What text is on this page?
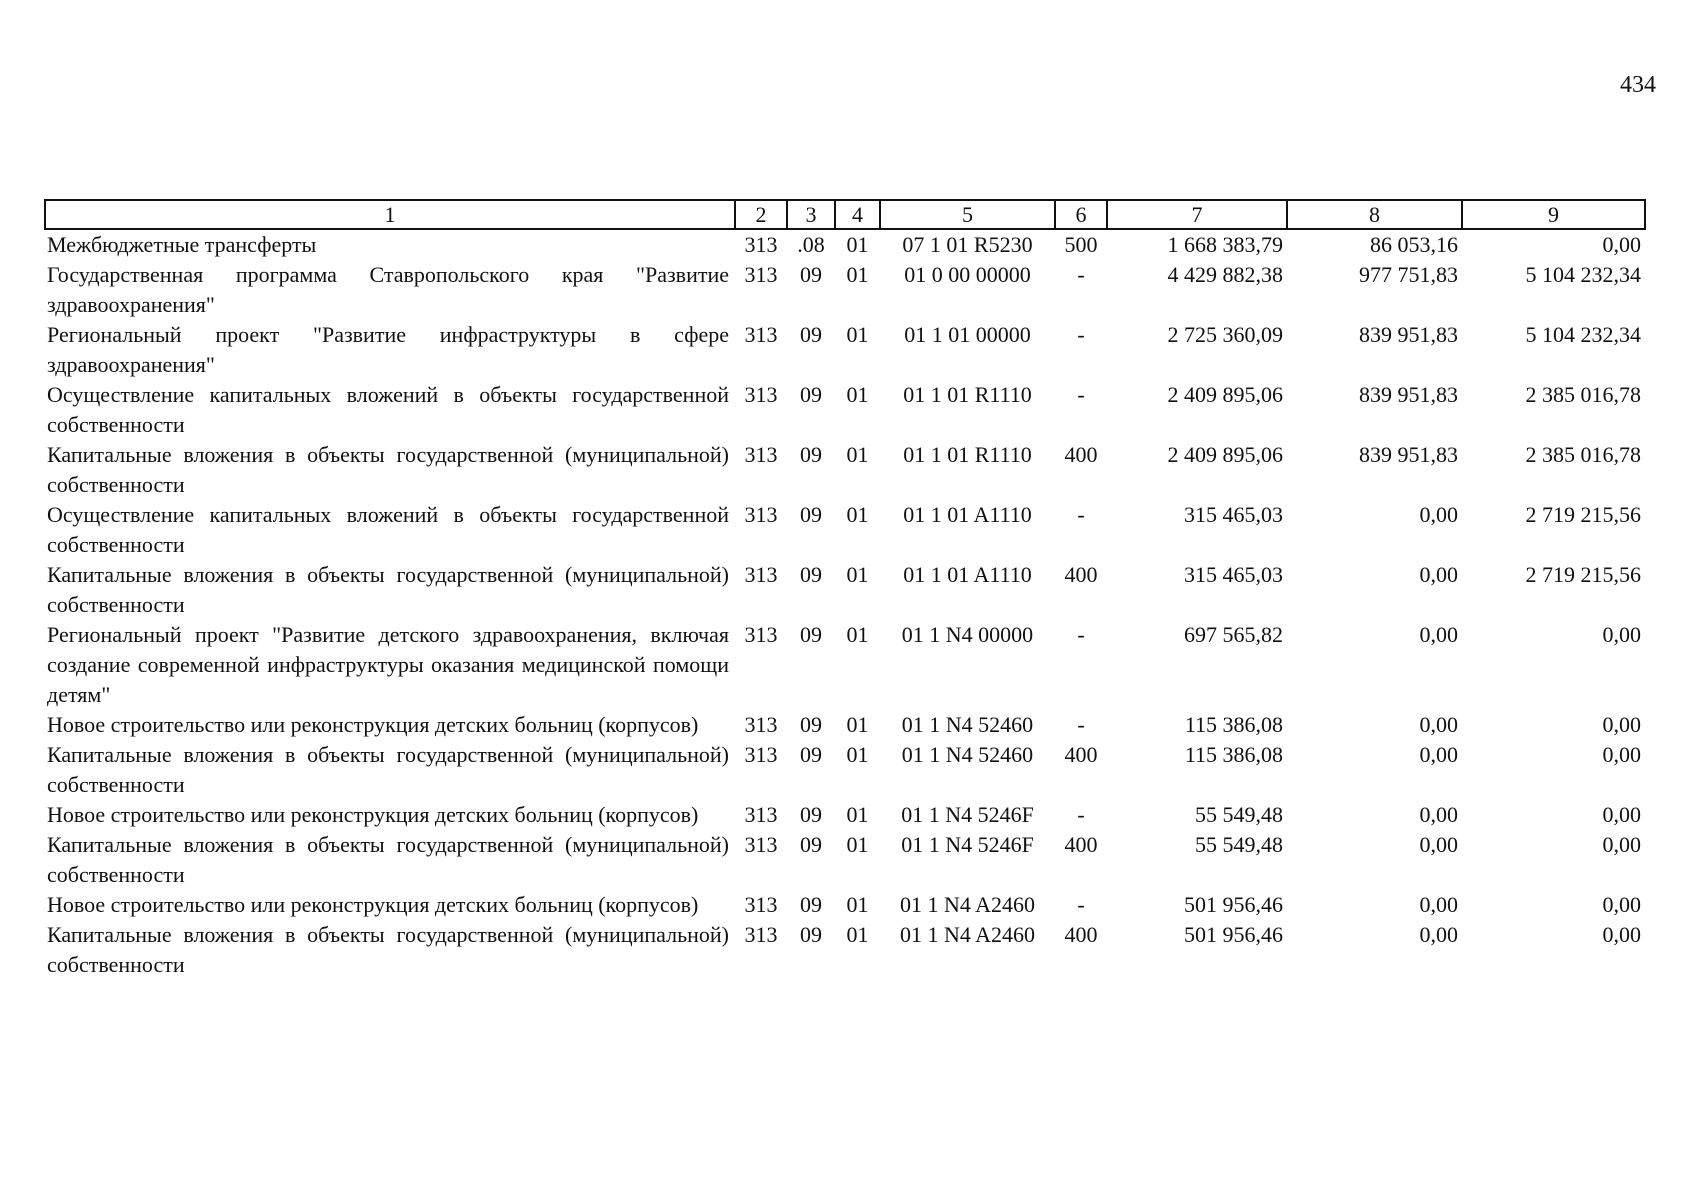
434
1	2	3	4	5	6	7	8	9
Межбюджетные трансферты	313	.08	01	07 1 01 R5230	500	1 668 383,79	86 053,16	0,00
Государственная программа Ставропольского края "Развитие здравоохранения"	313	09	01	01 0 00 00000	-	4 429 882,38	977 751,83	5 104 232,34
Региональный проект "Развитие инфраструктуры в сфере здравоохранения"	313	09	01	01 1 01 00000	-	2 725 360,09	839 951,83	5 104 232,34
Осуществление капитальных вложений в объекты государственной собственности	313	09	01	01 1 01 R1110	-	2 409 895,06	839 951,83	2 385 016,78
Капитальные вложения в объекты государственной (муниципальной) собственности	313	09	01	01 1 01 R1110	400	2 409 895,06	839 951,83	2 385 016,78
Осуществление капитальных вложений в объекты государственной собственности	313	09	01	01 1 01 A1110	-	315 465,03	0,00	2 719 215,56
Капитальные вложения в объекты государственной (муниципальной) собственности	313	09	01	01 1 01 A1110	400	315 465,03	0,00	2 719 215,56
Региональный проект "Развитие детского здравоохранения, включая создание современной инфраструктуры оказания медицинской помощи детям"	313	09	01	01 1 N4 00000	-	697 565,82	0,00	0,00
Новое строительство или реконструкция детских больниц (корпусов)	313	09	01	01 1 N4 52460	-	115 386,08	0,00	0,00
Капитальные вложения в объекты государственной (муниципальной) собственности	313	09	01	01 1 N4 52460	400	115 386,08	0,00	0,00
Новое строительство или реконструкция детских больниц (корпусов)	313	09	01	01 1 N4 5246F	-	55 549,48	0,00	0,00
Капитальные вложения в объекты государственной (муниципальной) собственности	313	09	01	01 1 N4 5246F	400	55 549,48	0,00	0,00
Новое строительство или реконструкция детских больниц (корпусов)	313	09	01	01 1 N4 A2460	-	501 956,46	0,00	0,00
Капитальные вложения в объекты государственной (муниципальной) собственности	313	09	01	01 1 N4 A2460	400	501 956,46	0,00	0,00
